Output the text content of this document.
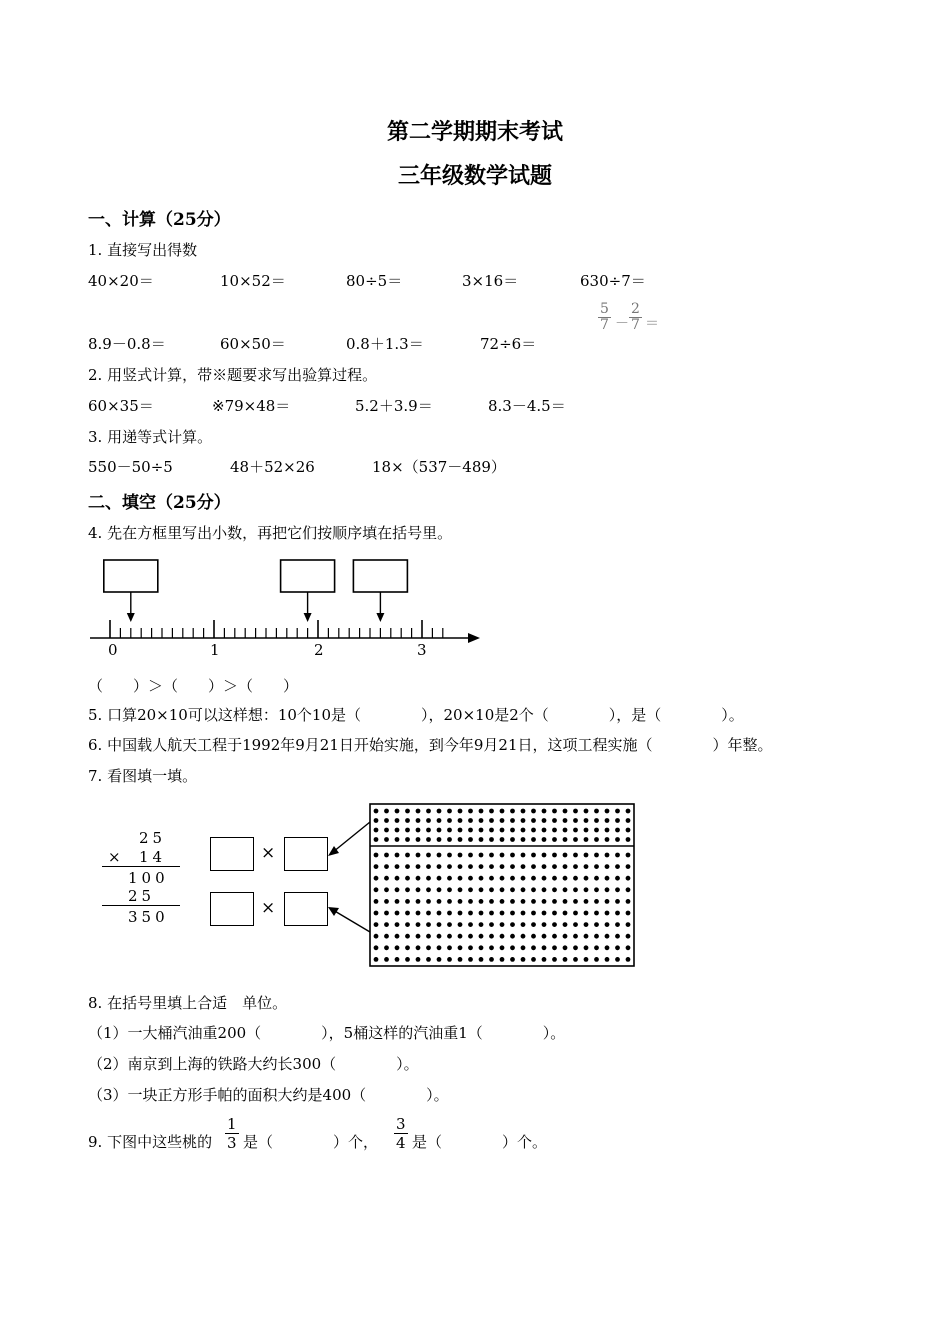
第二学期期末考试
三年级数学试题
一、计算（25分）
1. 直接写出得数
40×20＝	10×52＝	80÷5＝	3×16＝	630÷7＝
8.9－0.8＝	60×50＝	0.8＋1.3＝	72÷6＝
$\frac{5}{7} - \frac{2}{7}$ ＝
2. 用竖式计算，带※题要求写出验算过程。
60×35＝	※79×48＝	5.2＋3.9＝	8.3－4.5＝
3. 用递等式计算。
550－50÷5	48＋52×26	18×（537－489）
二、填空（25分）
4. 先在方框里写出小数，再把它们按顺序填在括号里。
0	1	2	3
（　　）＞（　　）＞（　　）
5. 口算20×10可以这样想：10个10是（　　　　），20×10是2个（　　　　），是（　　　　）。
6. 中国载人航天工程于1992年9月21日开始实施，到今年9月21日，这项工程实施（　　　　）年整。
7. 看图填一填。
25
× 14
100
25
350
×
×
8. 在括号里填上合适　单位。
（1）一大桶汽油重200（　　　　），5桶这样的汽油重1（　　　　）。
（2）南京到上海的铁路大约长300（　　　　）。
（3）一块正方形手帕的面积大约是400（　　　　）。
9. 下图中这些桃的 $\frac{1}{3}$ 是（　　　　）个， $\frac{3}{4}$ 是（　　　　）个。
